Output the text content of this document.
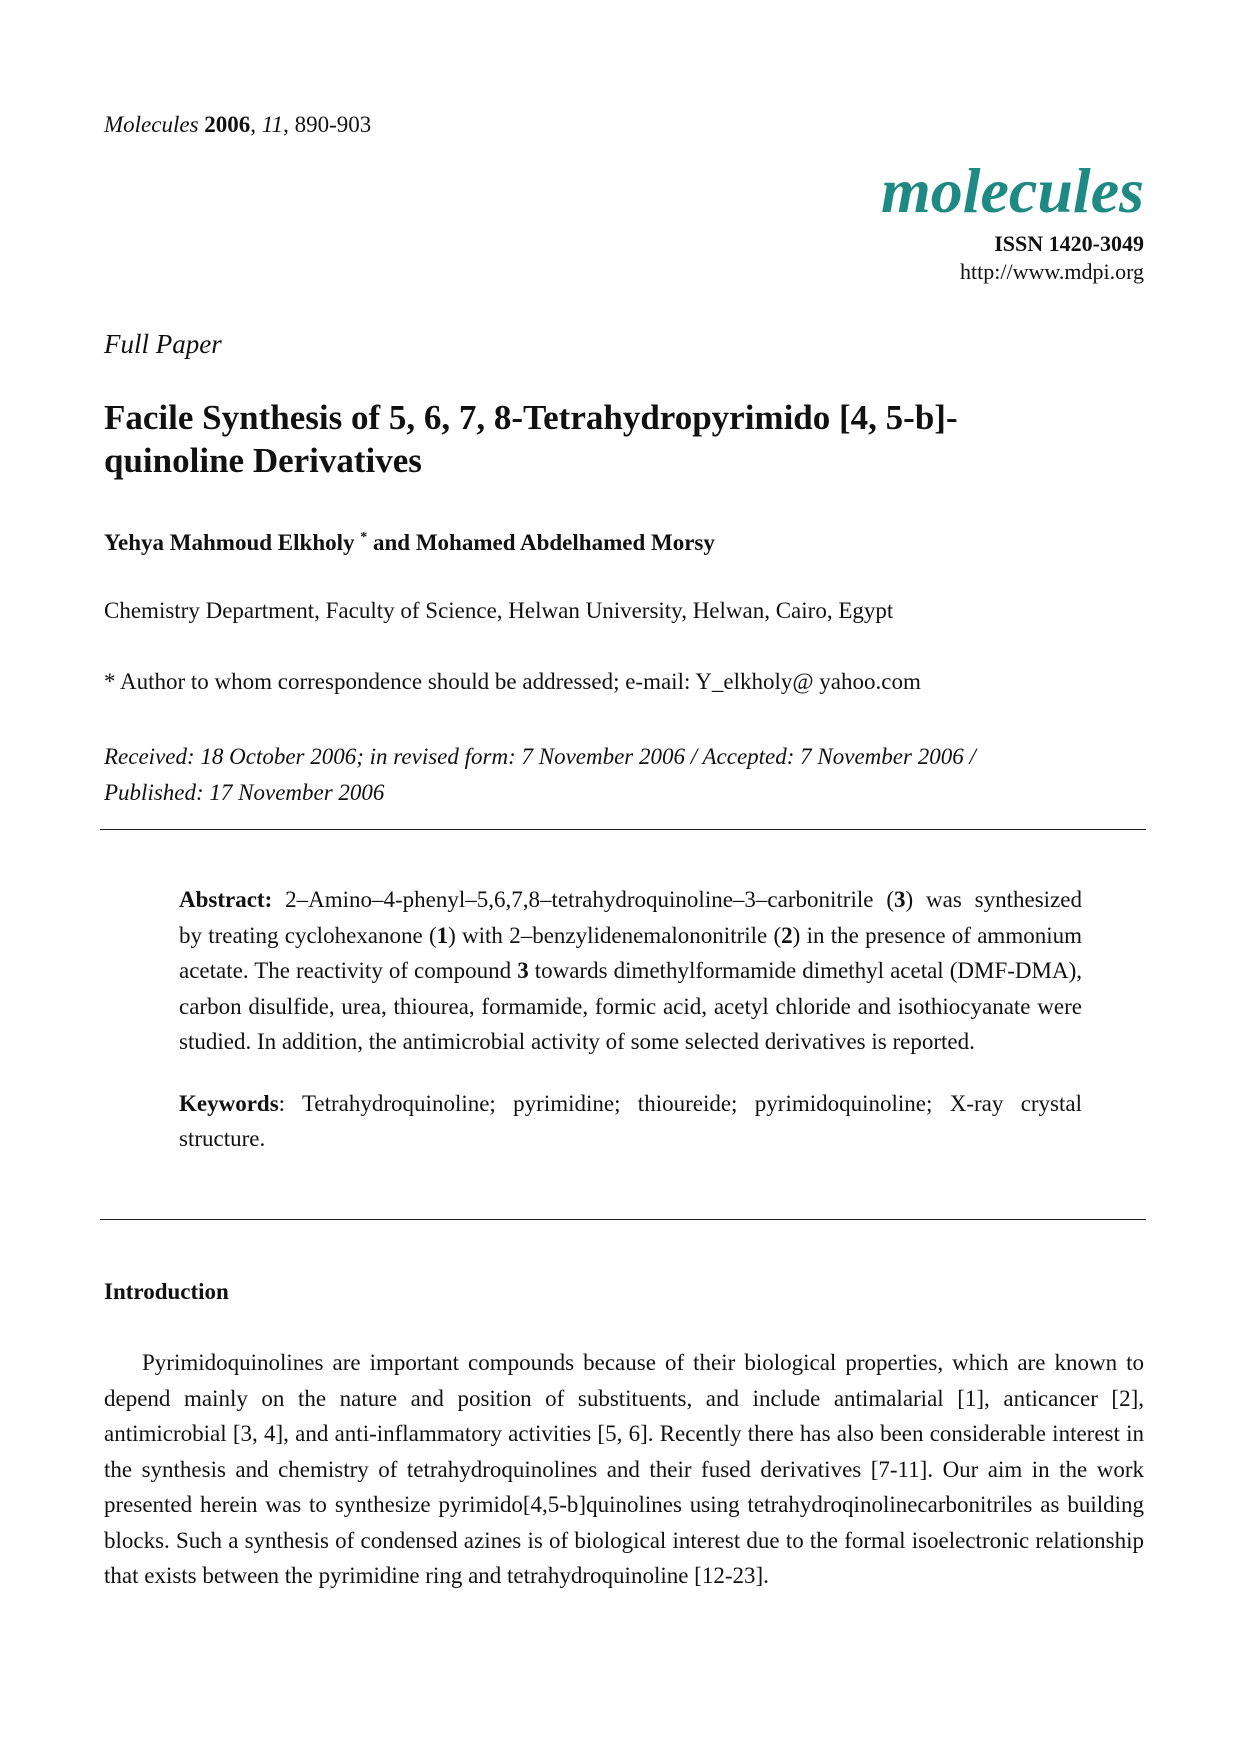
Molecules 2006, 11, 890-903
molecules
ISSN 1420-3049
http://www.mdpi.org
Full Paper
Facile Synthesis of 5, 6, 7, 8-Tetrahydropyrimido [4, 5-b]-
quinoline Derivatives
Yehya Mahmoud Elkholy * and Mohamed Abdelhamed Morsy
Chemistry Department, Faculty of Science, Helwan University, Helwan, Cairo, Egypt
* Author to whom correspondence should be addressed; e-mail: Y_elkholy@ yahoo.com
Received: 18 October 2006; in revised form: 7 November 2006 / Accepted: 7 November 2006 /
Published: 17 November 2006

Abstract: 2–Amino–4-phenyl–5,6,7,8–tetrahydroquinoline–3–carbonitrile (3) was synthesized by treating cyclohexanone (1) with 2–benzylidenemalononitrile (2) in the presence of ammonium acetate. The reactivity of compound 3 towards dimethylformamide dimethyl acetal (DMF-DMA), carbon disulfide, urea, thiourea, formamide, formic acid, acetyl chloride and isothiocyanate were studied. In addition, the antimicrobial activity of some selected derivatives is reported.

Keywords: Tetrahydroquinoline; pyrimidine; thioureide; pyrimidoquinoline; X-ray crystal structure.

Introduction

Pyrimidoquinolines are important compounds because of their biological properties, which are known to depend mainly on the nature and position of substituents, and include antimalarial [1], anticancer [2], antimicrobial [3, 4], and anti-inflammatory activities [5, 6]. Recently there has also been considerable interest in the synthesis and chemistry of tetrahydroquinolines and their fused derivatives [7-11]. Our aim in the work presented herein was to synthesize pyrimido[4,5-b]quinolines using tetrahydroqinolinecarbonitriles as building blocks. Such a synthesis of condensed azines is of biological interest due to the formal isoelectronic relationship that exists between the pyrimidine ring and tetrahydroquinoline [12-23].
